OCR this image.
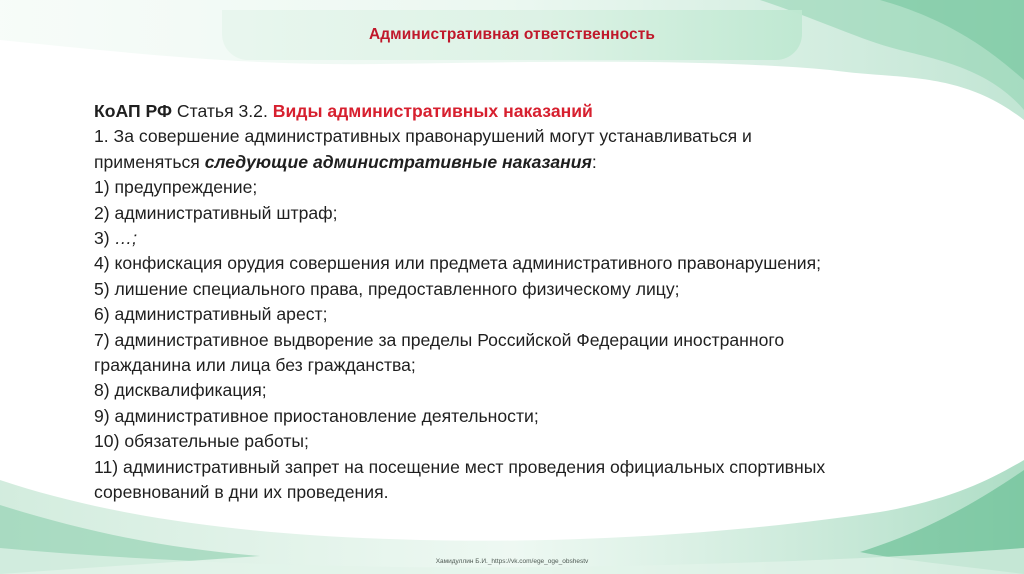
Административная ответственность
КоАП РФ Статья 3.2. Виды административных наказаний
1. За совершение административных правонарушений могут устанавливаться и
применяться следующие административные наказания:
1) предупреждение;
2) административный штраф;
3) …;
4) конфискация орудия совершения или предмета административного правонарушения;
5) лишение специального права, предоставленного физическому лицу;
6) административный арест;
7) административное выдворение за пределы Российской Федерации иностранного
гражданина или лица без гражданства;
8) дисквалификация;
9) административное приостановление деятельности;
10) обязательные работы;
11) административный запрет на посещение мест проведения официальных спортивных
соревнований в дни их проведения.
Хамидуллин Б.И._https://vk.com/ege_oge_obshestv
